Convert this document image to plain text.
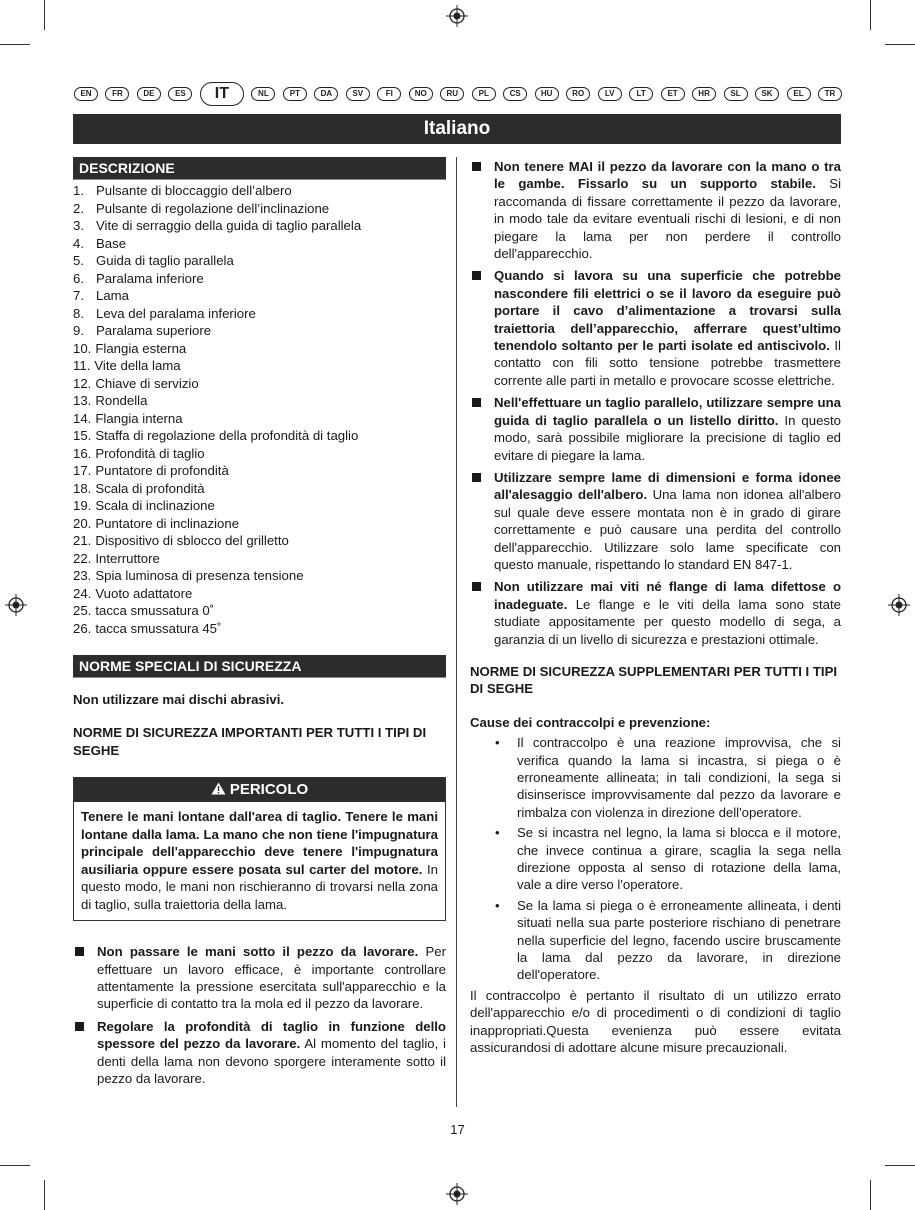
EN	FR	DE	ES	IT	NL	PT	DA	SV	FI	NO	RU	PL	CS	HU	RO	LV	LT	ET	HR	SL	SK	EL	TR
Italiano
DESCRIZIONE
1. Pulsante di bloccaggio dell’albero
2. Pulsante di regolazione dell’inclinazione
3. Vite di serraggio della guida di taglio parallela
4. Base
5. Guida di taglio parallela
6. Paralama inferiore
7. Lama
8. Leva del paralama inferiore
9. Paralama superiore
10. Flangia esterna
11. Vite della lama
12. Chiave di servizio
13. Rondella
14. Flangia interna
15. Staffa di regolazione della profondità di taglio
16. Profondità di taglio
17. Puntatore di profondità
18. Scala di profondità
19. Scala di inclinazione
20. Puntatore di inclinazione
21. Dispositivo di sblocco del grilletto
22. Interruttore
23. Spia luminosa di presenza tensione
24. Vuoto adattatore
25. tacca smussatura 0˚
26. tacca smussatura 45˚
NORME SPECIALI DI SICUREZZA

Non utilizzare mai dischi abrasivi.

NORME DI SICUREZZA IMPORTANTI PER TUTTI I TIPI DI SEGHE

PERICOLO
Tenere le mani lontane dall'area di taglio. Tenere le mani lontane dalla lama. La mano che non tiene l'impugnatura principale dell'apparecchio deve tenere l'impugnatura ausiliaria oppure essere posata sul carter del motore. In questo modo, le mani non rischieranno di trovarsi nella zona di taglio, sulla traiettoria della lama.
Non passare le mani sotto il pezzo da lavorare. Per effettuare un lavoro efficace, è importante controllare attentamente la pressione esercitata sull'apparecchio e la superficie di contatto tra la mola ed il pezzo da lavorare.
Regolare la profondità di taglio in funzione dello spessore del pezzo da lavorare. Al momento del taglio, i denti della lama non devono sporgere interamente sotto il pezzo da lavorare.
Non tenere MAI il pezzo da lavorare con la mano o tra le gambe. Fissarlo su un supporto stabile. Si raccomanda di fissare correttamente il pezzo da lavorare, in modo tale da evitare eventuali rischi di lesioni, e di non piegare la lama per non perdere il controllo dell'apparecchio.
Quando si lavora su una superficie che potrebbe nascondere fili elettrici o se il lavoro da eseguire può portare il cavo d’alimentazione a trovarsi sulla traiettoria dell’apparecchio, afferrare quest’ultimo tenendolo soltanto per le parti isolate ed antiscivolo. Il contatto con fili sotto tensione potrebbe trasmettere corrente alle parti in metallo e provocare scosse elettriche.
Nell'effettuare un taglio parallelo, utilizzare sempre una guida di taglio parallela o un listello diritto. In questo modo, sarà possibile migliorare la precisione di taglio ed evitare di piegare la lama.
Utilizzare sempre lame di dimensioni e forma idonee all'alesaggio dell'albero. Una lama non idonea all'albero sul quale deve essere montata non è in grado di girare correttamente e può causare una perdita del controllo dell'apparecchio. Utilizzare solo lame specificate con questo manuale, rispettando lo standard EN 847-1.
Non utilizzare mai viti né flange di lama difettose o inadeguate. Le flange e le viti della lama sono state studiate appositamente per questo modello di sega, a garanzia di un livello di sicurezza e prestazioni ottimale.

NORME DI SICUREZZA SUPPLEMENTARI PER TUTTI I TIPI DI SEGHE

Cause dei contraccolpi e prevenzione:

• Il contraccolpo è una reazione improvvisa, che si verifica quando la lama si incastra, si piega o è erroneamente allineata; in tali condizioni, la sega si disinserisce improvvisamente dal pezzo da lavorare e rimbalza con violenza in direzione dell'operatore.
• Se si incastra nel legno, la lama si blocca e il motore, che invece continua a girare, scaglia la sega nella direzione opposta al senso di rotazione della lama, vale a dire verso l'operatore.
• Se la lama si piega o è erroneamente allineata, i denti situati nella sua parte posteriore rischiano di penetrare nella superficie del legno, facendo uscire bruscamente la lama dal pezzo da lavorare, in direzione dell'operatore.

Il contraccolpo è pertanto il risultato di un utilizzo errato dell'apparecchio e/o di procedimenti o di condizioni di taglio inappropriati.Questa evenienza può essere evitata assicurandosi di adottare alcune misure precauzionali.

17
